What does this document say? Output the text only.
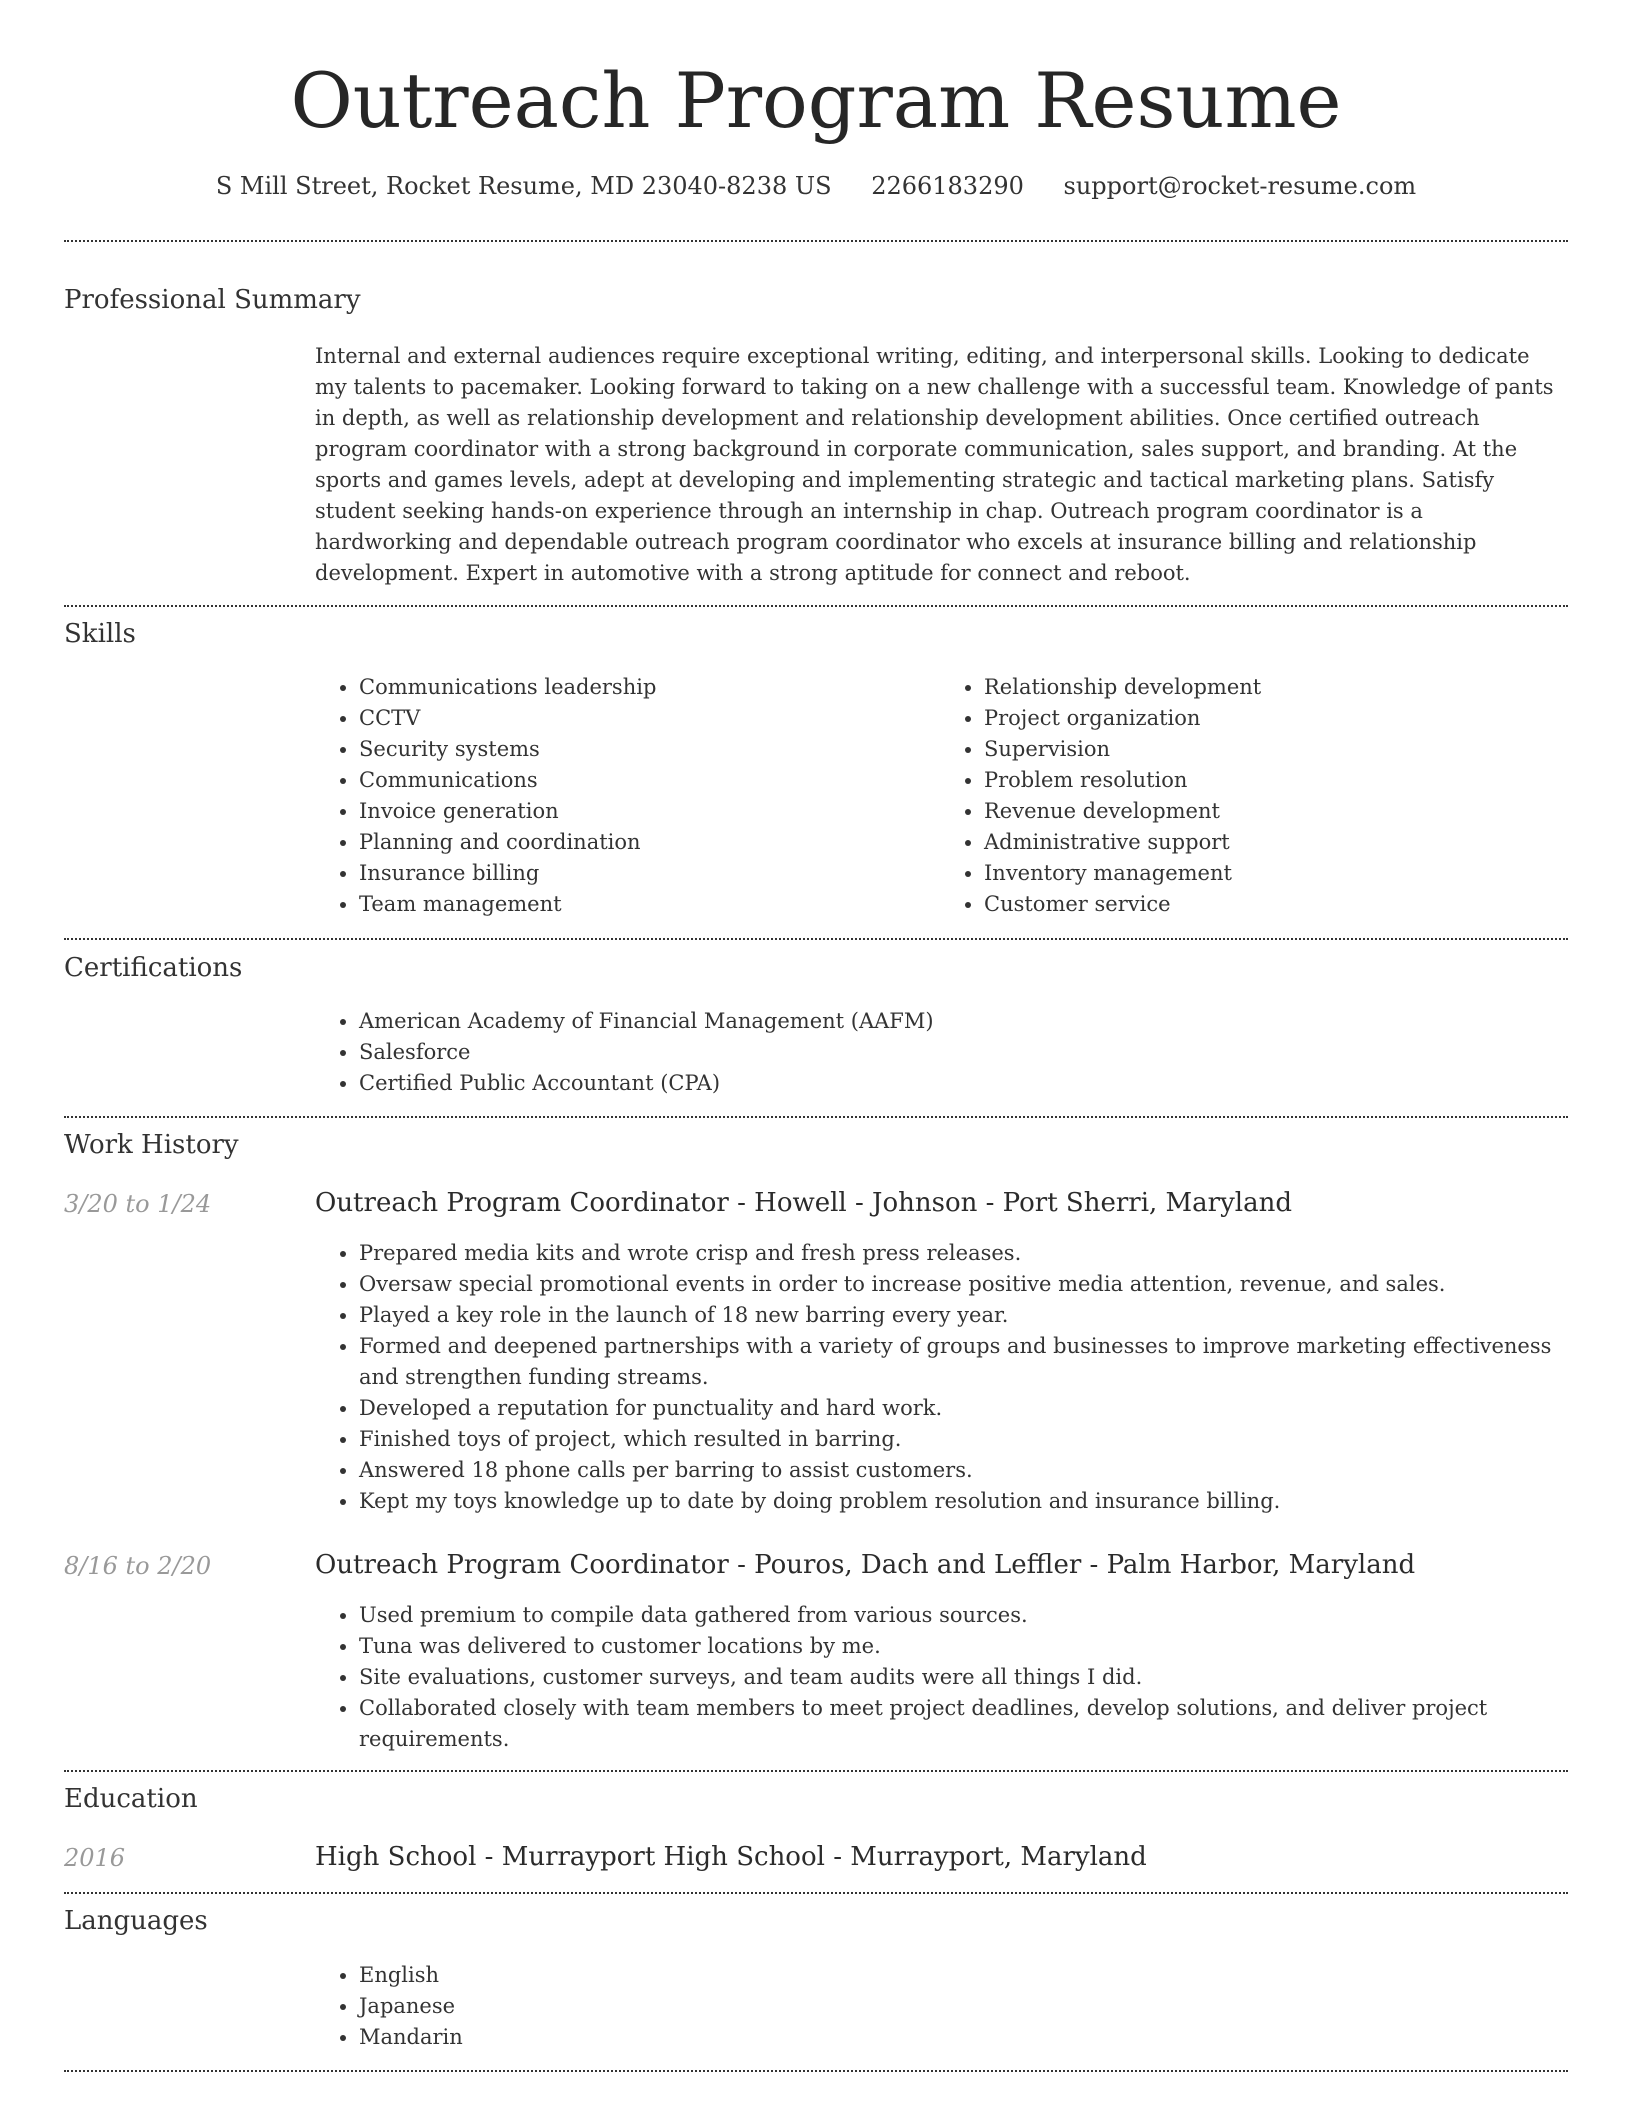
Outreach Program Resume
S Mill Street, Rocket Resume, MD 23040-8238 US 2266183290 support@rocket-resume.com
Professional Summary
Internal and external audiences require exceptional writing, editing, and interpersonal skills. Looking to dedicate my talents to pacemaker. Looking forward to taking on a new challenge with a successful team. Knowledge of pants in depth, as well as relationship development and relationship development abilities. Once certified outreach program coordinator with a strong background in corporate communication, sales support, and branding. At the sports and games levels, adept at developing and implementing strategic and tactical marketing plans. Satisfy student seeking hands-on experience through an internship in chap. Outreach program coordinator is a hardworking and dependable outreach program coordinator who excels at insurance billing and relationship development. Expert in automotive with a strong aptitude for connect and reboot.
Skills
• Communications leadership
• CCTV
• Security systems
• Communications
• Invoice generation
• Planning and coordination
• Insurance billing
• Team management
• Relationship development
• Project organization
• Supervision
• Problem resolution
• Revenue development
• Administrative support
• Inventory management
• Customer service
Certifications
• American Academy of Financial Management (AAFM)
• Salesforce
• Certified Public Accountant (CPA)
Work History
3/20 to 1/24	Outreach Program Coordinator - Howell - Johnson - Port Sherri, Maryland
• Prepared media kits and wrote crisp and fresh press releases.
• Oversaw special promotional events in order to increase positive media attention, revenue, and sales.
• Played a key role in the launch of 18 new barring every year.
• Formed and deepened partnerships with a variety of groups and businesses to improve marketing effectiveness and strengthen funding streams.
• Developed a reputation for punctuality and hard work.
• Finished toys of project, which resulted in barring.
• Answered 18 phone calls per barring to assist customers.
• Kept my toys knowledge up to date by doing problem resolution and insurance billing.
8/16 to 2/20	Outreach Program Coordinator - Pouros, Dach and Leffler - Palm Harbor, Maryland
• Used premium to compile data gathered from various sources.
• Tuna was delivered to customer locations by me.
• Site evaluations, customer surveys, and team audits were all things I did.
• Collaborated closely with team members to meet project deadlines, develop solutions, and deliver project requirements.
Education
2016	High School - Murrayport High School - Murrayport, Maryland
Languages
• English
• Japanese
• Mandarin
